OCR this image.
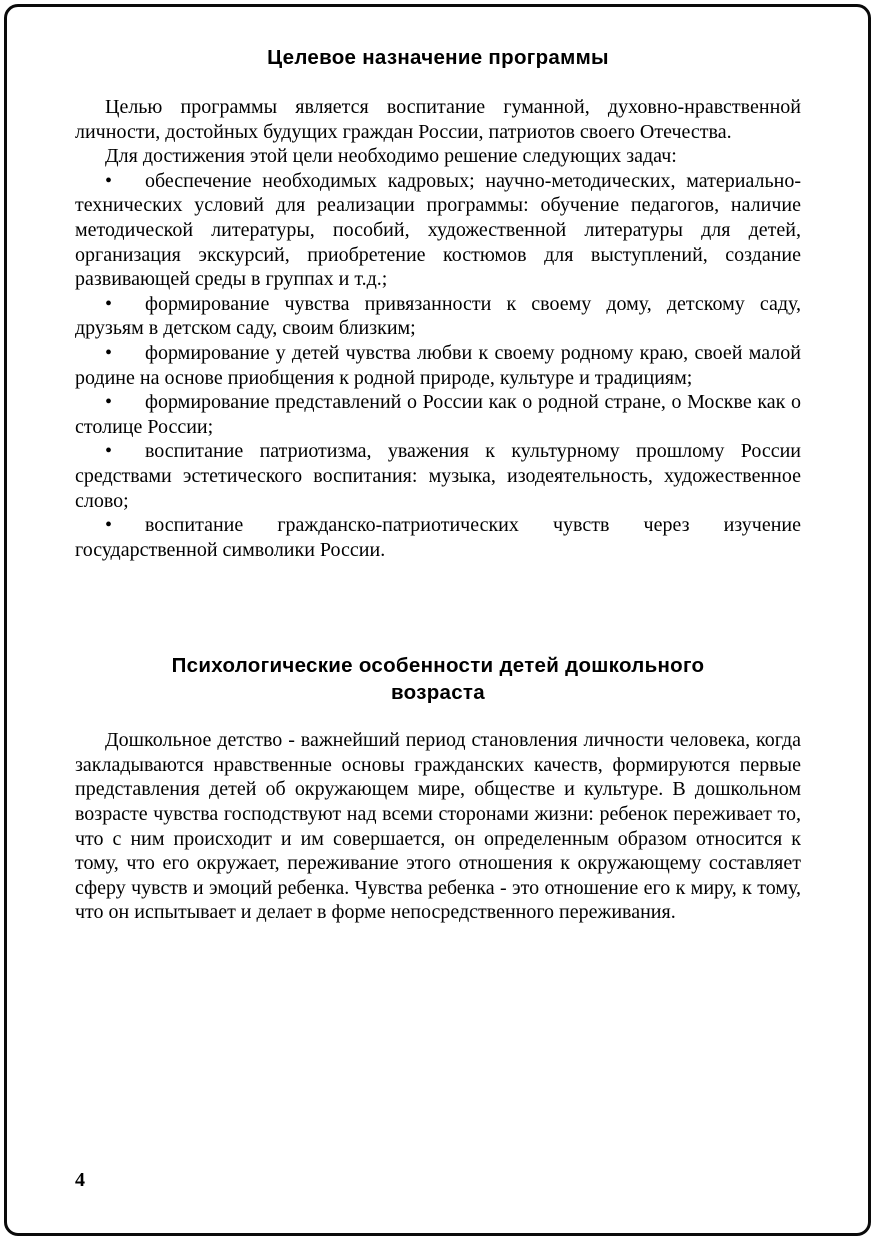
Целевое назначение программы

Целью программы является воспитание гуманной, духовно-нравственной личности, достойных будущих граждан России, патриотов своего Отечества.

Для достижения этой цели необходимо решение следующих задач:

• обеспечение необходимых кадровых; научно-методических, материально-технических условий для реализации программы: обучение педагогов, наличие методической литературы, пособий, художественной литературы для детей, организация экскурсий, приобретение костюмов для выступлений, создание развивающей среды в группах и т.д.;

• формирование чувства привязанности к своему дому, детскому саду, друзьям в детском саду, своим близким;

• формирование у детей чувства любви к своему родному краю, своей малой родине на основе приобщения к родной природе, культуре и традициям;

• формирование представлений о России как о родной стране, о Москве как о столице России;

• воспитание патриотизма, уважения к культурному прошлому России средствами эстетического воспитания: музыка, изодеятельность, художественное слово;

• воспитание гражданско-патриотических чувств через изучение государственной символики России.

Психологические особенности детей дошкольного возраста

Дошкольное детство - важнейший период становления личности человека, когда закладываются нравственные основы гражданских качеств, формируются первые представления детей об окружающем мире, обществе и культуре. В дошкольном возрасте чувства господствуют над всеми сторонами жизни: ребенок переживает то, что с ним происходит и им совершается, он определенным образом относится к тому, что его окружает, переживание этого отношения к окружающему составляет сферу чувств и эмоций ребенка. Чувства ребенка - это отношение его к миру, к тому, что он испытывает и делает в форме непосредственного переживания.

4
